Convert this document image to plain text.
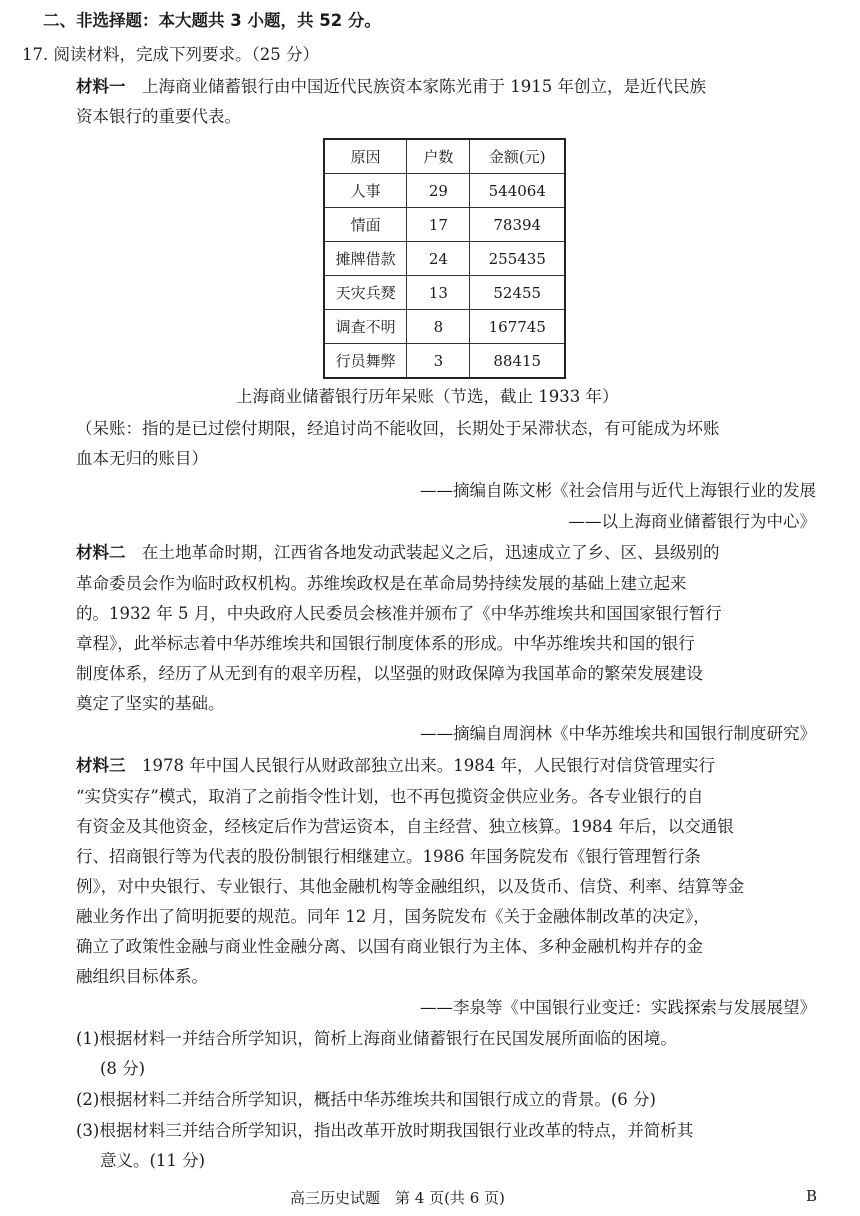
二、非选择题：本大题共 3 小题，共 52 分。
17. 阅读材料，完成下列要求。（25 分）
材料一　 上海商业储蓄银行由中国近代民族资本家陈光甫于 1915 年创立，是近代民族
资本银行的重要代表。
原因	户数	金额(元)
人事	29	544064
情面	17	78394
摊牌借款	24	255435
天灾兵燹	13	52455
调查不明	8	167745
行员舞弊	3	88415
上海商业储蓄银行历年呆账（节选，截止 1933 年）
（呆账：指的是已过偿付期限，经追讨尚不能收回，长期处于呆滞状态，有可能成为坏账
血本无归的账目）
——摘编自陈文彬《社会信用与近代上海银行业的发展
——以上海商业储蓄银行为中心》
材料二　 在土地革命时期，江西省各地发动武装起义之后，迅速成立了乡、区、县级别的
革命委员会作为临时政权机构。苏维埃政权是在革命局势持续发展的基础上建立起来
的。1932 年 5 月，中央政府人民委员会核准并颁布了《中华苏维埃共和国国家银行暂行
章程》，此举标志着中华苏维埃共和国银行制度体系的形成。中华苏维埃共和国的银行
制度体系，经历了从无到有的艰辛历程，以坚强的财政保障为我国革命的繁荣发展建设
奠定了坚实的基础。
——摘编自周润林《中华苏维埃共和国银行制度研究》
材料三　 1978 年中国人民银行从财政部独立出来。1984 年，人民银行对信贷管理实行
“实贷实存”模式，取消了之前指令性计划，也不再包揽资金供应业务。各专业银行的自
有资金及其他资金，经核定后作为营运资本，自主经营、独立核算。1984 年后，以交通银
行、招商银行等为代表的股份制银行相继建立。1986 年国务院发布《银行管理暂行条
例》，对中央银行、专业银行、其他金融机构等金融组织，以及货币、信贷、利率、结算等金
融业务作出了简明扼要的规范。同年 12 月，国务院发布《关于金融体制改革的决定》，
确立了政策性金融与商业性金融分离、以国有商业银行为主体、多种金融机构并存的金
融组织目标体系。
——李泉等《中国银行业变迁：实践探索与发展展望》
(1)根据材料一并结合所学知识，简析上海商业储蓄银行在民国发展所面临的困境。
(8 分)
(2)根据材料二并结合所学知识，概括中华苏维埃共和国银行成立的背景。(6 分)
(3)根据材料三并结合所学知识，指出改革开放时期我国银行业改革的特点，并简析其
意义。(11 分)
高三历史试题　第 4 页(共 6 页)	B
